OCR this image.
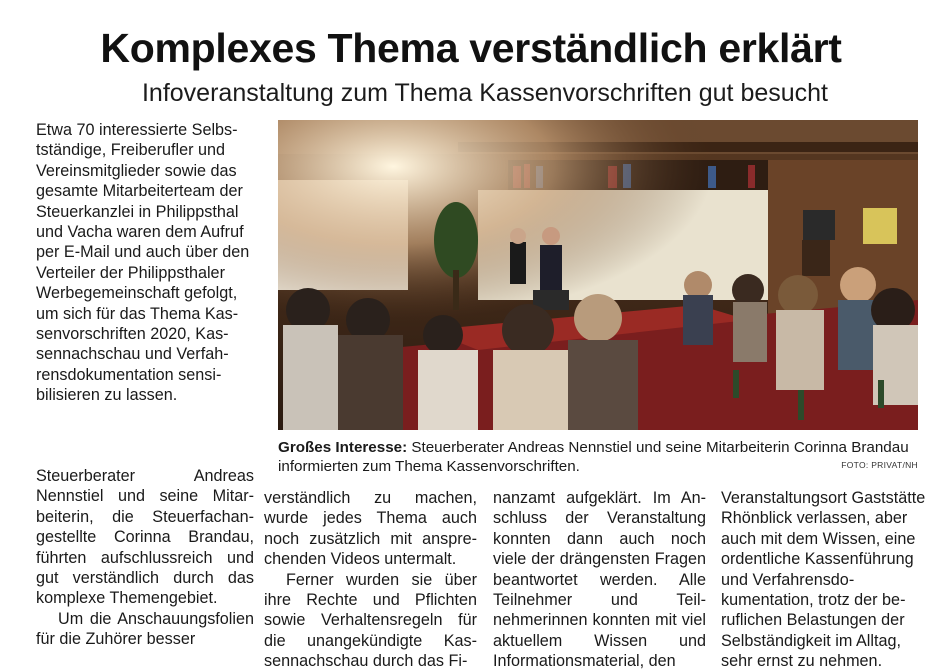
Komplexes Thema verständlich erklärt
Infoveranstaltung zum Thema Kassenvorschriften gut besucht

Etwa 70 interessierte Selbstständige, Freiberufler und Vereinsmitglieder sowie das gesamte Mitarbeiterteam der Steuerkanzlei in Philippsthal und Vacha waren dem Aufruf per E-Mail und auch über den Verteiler der Philippsthaler Werbegemeinschaft gefolgt, um sich für das Thema Kassenvorschriften 2020, Kassennachschau und Verfahrensdokumentation sensibilisieren zu lassen.

Steuerberater Andreas Nennstiel und seine Mitarbeiterin, die Steuerfachangestellte Corinna Brandau, führten aufschlussreich und gut verständlich durch das komplexe Themengebiet.

Um die Anschauungsfolien für die Zuhörer besser

Großes Interesse: Steuerberater Andreas Nennstiel und seine Mitarbeiterin Corinna Brandau informierten zum Thema Kassenvorschriften.	FOTO: PRIVAT/NH

verständlich zu machen, wurde jedes Thema auch noch zusätzlich mit ansprechenden Videos untermalt.

Ferner wurden sie über ihre Rechte und Pflichten sowie Verhaltensregeln für die unangekündigte Kassennachschau durch das Fi-

nanzamt aufgeklärt. Im Anschluss der Veranstaltung konnten dann auch noch viele der drängensten Fragen beantwortet werden. Alle Teilnehmer und Teilnehmerinnen konnten mit viel aktuellem Wissen und Informationsmaterial, den

Veranstaltungsort Gaststätte Rhönblick verlassen, aber auch mit dem Wissen, eine ordentliche Kassenführung und Verfahrensdokumentation, trotz der beruflichen Belastungen der Selbständigkeit im Alltag, sehr ernst zu nehmen.
